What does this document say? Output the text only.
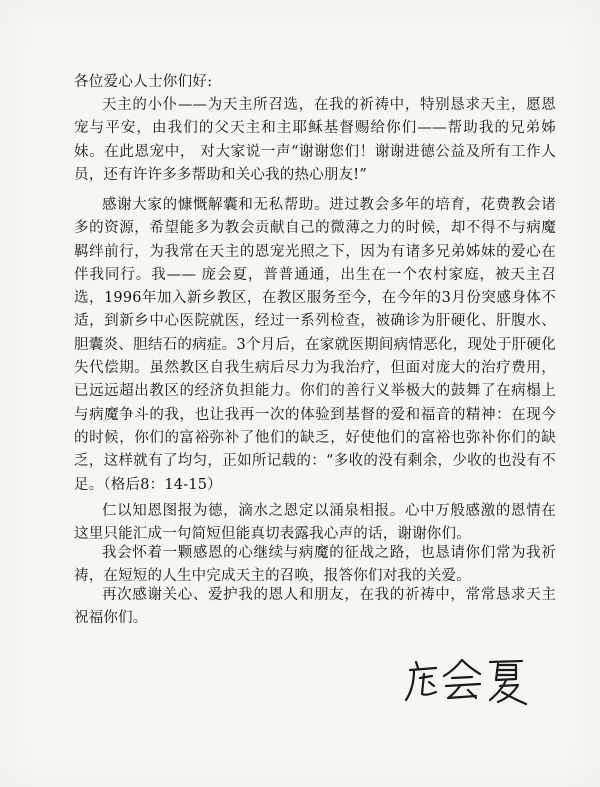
各位爱心人士你们好:

天主的小仆——为天主所召选，在我的祈祷中，特别恳求天主，愿恩宠与平安，由我们的父天主和主耶稣基督赐给你们——帮助我的兄弟姊妹。在此恩宠中， 对大家说一声“谢谢您们！谢谢进德公益及所有工作人员，还有许许多多帮助和关心我的热心朋友!”

感谢大家的慷慨解囊和无私帮助。进过教会多年的培育，花费教会诸多的资源，希望能多为教会贡献自己的微薄之力的时候，却不得不与病魔羁绊前行，为我常在天主的恩宠光照之下，因为有诸多兄弟姊妹的爱心在伴我同行。我—— 庞会夏，普普通通，出生在一个农村家庭，被天主召选，1996年加入新乡教区，在教区服务至今，在今年的3月份突感身体不适，到新乡中心医院就医，经过一系列检查，被确诊为肝硬化、肝腹水、胆囊炎、胆结石的病症。3个月后，在家就医期间病情恶化，现处于肝硬化失代偿期。虽然教区自我生病后尽力为我治疗，但面对庞大的治疗费用，已远远超出教区的经济负担能力。你们的善行义举极大的鼓舞了在病榻上与病魔争斗的我，也让我再一次的体验到基督的爱和福音的精神：在现今的时候，你们的富裕弥补了他们的缺乏，好使他们的富裕也弥补你们的缺乏，这样就有了均匀，正如所记载的：“多收的没有剩余，少收的也没有不足。（格后8：14-15）

仁以知恩图报为德，滴水之恩定以涌泉相报。心中万般感激的恩情在这里只能汇成一句简短但能真切表露我心声的话，谢谢你们。

我会怀着一颗感恩的心继续与病魔的征战之路，也恳请你们常为我祈祷，在短短的人生中完成天主的召唤，报答你们对我的关爱。

再次感谢关心、爱护我的恩人和朋友，在我的祈祷中，常常恳求天主祝福你们。
